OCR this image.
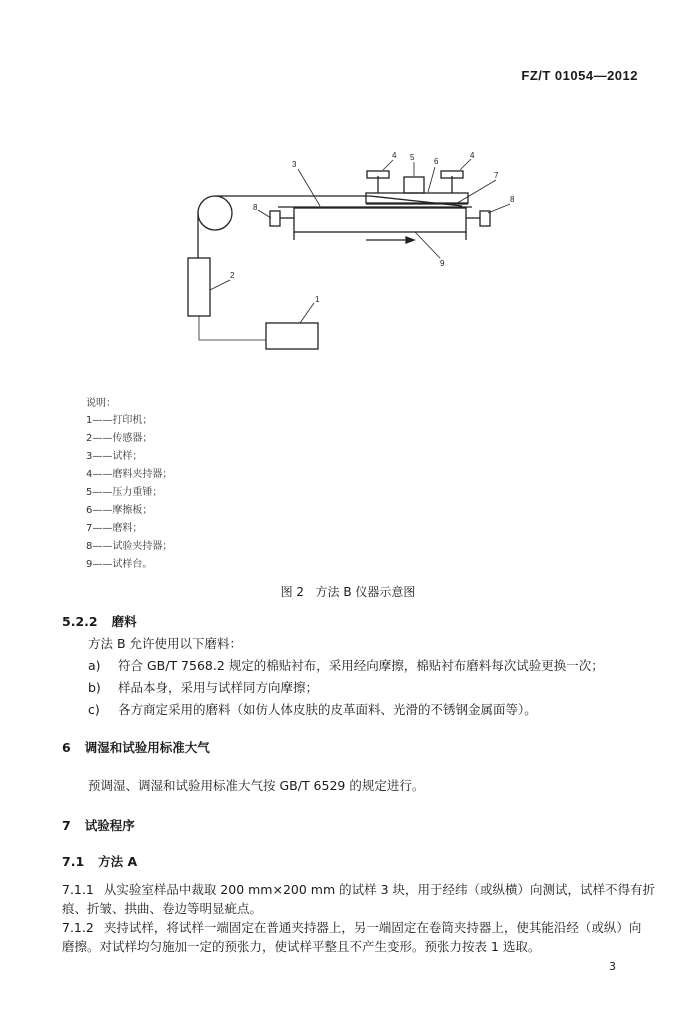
FZ/T 01054—2012
1
2
3
4 5 6
4
7
8
8
9
说明：
1——打印机；
2——传感器；
3——试样；
4——磨料夹持器；
5——压力重锤；
6——摩擦板；
7——磨料；
8——试验夹持器；
9——试样台。
图 2   方法 B 仪器示意图
5.2.2 磨料
方法 B 允许使用以下磨料：
a) 符合 GB/T 7568.2 规定的棉贴衬布，采用经向摩擦，棉贴衬布磨料每次试验更换一次；
b) 样品本身，采用与试样同方向摩擦；
c) 各方商定采用的磨料（如仿人体皮肤的皮革面料、光滑的不锈钢金属面等）。
6 调湿和试验用标准大气
预调湿、调湿和试验用标准大气按 GB/T 6529 的规定进行。
7 试验程序
7.1 方法 A
7.1.1 从实验室样品中裁取 200 mm×200 mm 的试样 3 块，用于经纬（或纵横）向测试，试样不得有折
痕、折皱、拱曲、卷边等明显疵点。
7.1.2 夹持试样，将试样一端固定在普通夹持器上，另一端固定在卷筒夹持器上，使其能沿经（或纵）向
磨擦。对试样均匀施加一定的预张力，使试样平整且不产生变形。预张力按表 1 选取。
3
